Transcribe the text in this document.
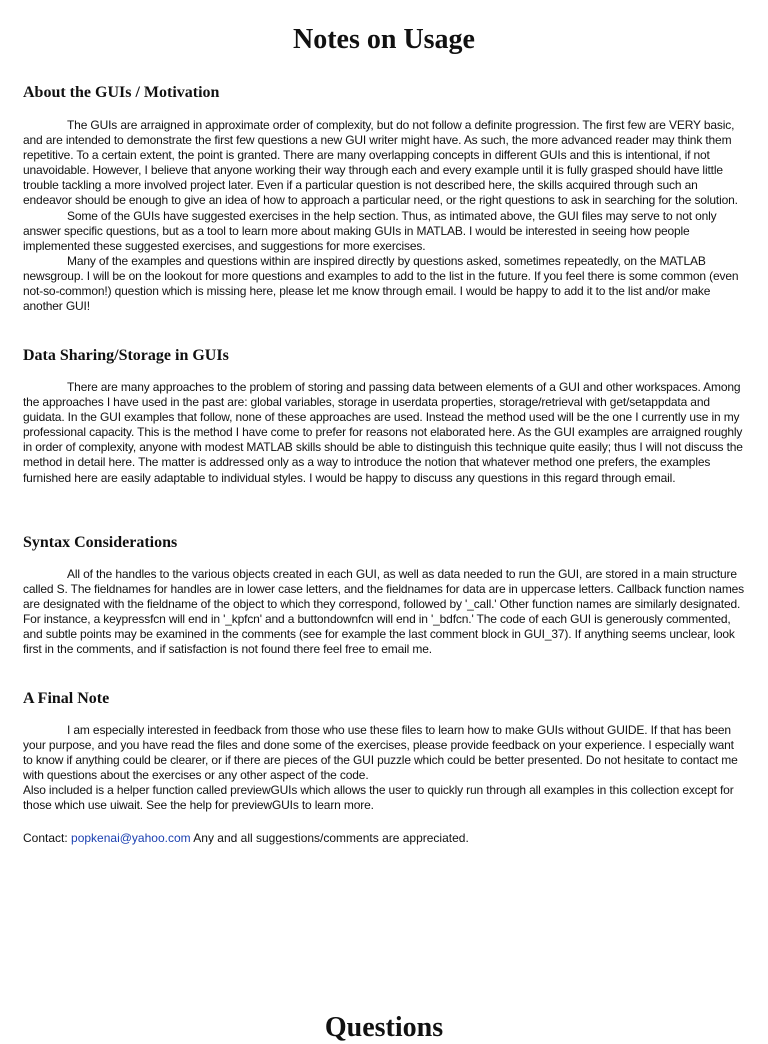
Notes on Usage
About the GUIs / Motivation

The GUIs are arraigned in approximate order of complexity, but do not follow a definite progression. The first few are VERY basic, and are intended to demonstrate the first few questions a new GUI writer might have. As such, the more advanced reader may think them repetitive. To a certain extent, the point is granted. There are many overlapping concepts in different GUIs and this is intentional, if not unavoidable. However, I believe that anyone working their way through each and every example until it is fully grasped should have little trouble tackling a more involved project later. Even if a particular question is not described here, the skills acquired through such an endeavor should be enough to give an idea of how to approach a particular need, or the right questions to ask in searching for the solution.

Some of the GUIs have suggested exercises in the help section. Thus, as intimated above, the GUI files may serve to not only answer specific questions, but as a tool to learn more about making GUIs in MATLAB. I would be interested in seeing how people implemented these suggested exercises, and suggestions for more exercises.

Many of the examples and questions within are inspired directly by questions asked, sometimes repeatedly, on the MATLAB newsgroup. I will be on the lookout for more questions and examples to add to the list in the future. If you feel there is some common (even not-so-common!) question which is missing here, please let me know through email. I would be happy to add it to the list and/or make another GUI!

Data Sharing/Storage in GUIs

There are many approaches to the problem of storing and passing data between elements of a GUI and other workspaces. Among the approaches I have used in the past are: global variables, storage in userdata properties, storage/retrieval with get/setappdata and guidata. In the GUI examples that follow, none of these approaches are used. Instead the method used will be the one I currently use in my professional capacity. This is the method I have come to prefer for reasons not elaborated here. As the GUI examples are arraigned roughly in order of complexity, anyone with modest MATLAB skills should be able to distinguish this technique quite easily; thus I will not discuss the method in detail here. The matter is addressed only as a way to introduce the notion that whatever method one prefers, the examples furnished here are easily adaptable to individual styles. I would be happy to discuss any questions in this regard through email.

Syntax Considerations

All of the handles to the various objects created in each GUI, as well as data needed to run the GUI, are stored in a main structure called S. The fieldnames for handles are in lower case letters, and the fieldnames for data are in uppercase letters. Callback function names are designated with the fieldname of the object to which they correspond, followed by '_call.' Other function names are similarly designated. For instance, a keypressfcn will end in '_kpfcn' and a buttondownfcn will end in '_bdfcn.' The code of each GUI is generously commented, and subtle points may be examined in the comments (see for example the last comment block in GUI_37). If anything seems unclear, look first in the comments, and if satisfaction is not found there feel free to email me.

A Final Note

I am especially interested in feedback from those who use these files to learn how to make GUIs without GUIDE. If that has been your purpose, and you have read the files and done some of the exercises, please provide feedback on your experience. I especially want to know if anything could be clearer, or if there are pieces of the GUI puzzle which could be better presented. Do not hesitate to contact me with questions about the exercises or any other aspect of the code.

Also included is a helper function called previewGUIs which allows the user to quickly run through all examples in this collection except for those which use uiwait. See the help for previewGUIs to learn more.

Contact: popkenai@yahoo.com Any and all suggestions/comments are appreciated.
Questions
